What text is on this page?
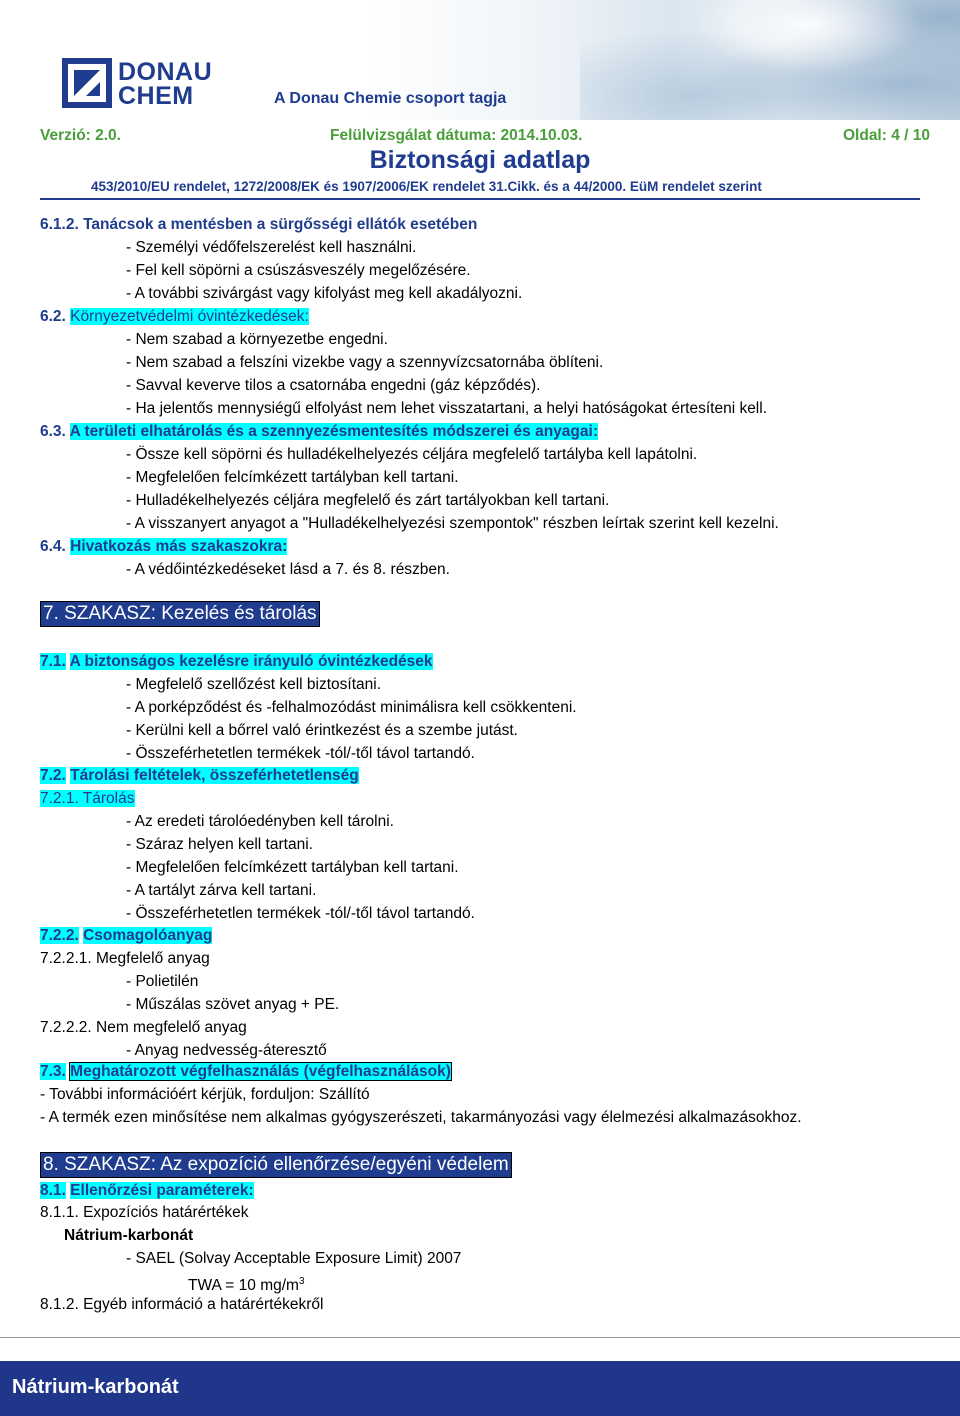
DONAU
CHEM	A Donau Chemie csoport tagja
Verzió: 2.0.	Felülvizsgálat dátuma: 2014.10.03.	Oldal: 4 / 10
Biztonsági adatlap
453/2010/EU rendelet, 1272/2008/EK és 1907/2006/EK rendelet 31.Cikk. és a 44/2000. EüM rendelet szerint
6.1.2. Tanácsok a mentésben a sürgősségi ellátók esetében
- Személyi védőfelszerelést kell használni.
- Fel kell söpörni a csúszásveszély megelőzésére.
- A további szivárgást vagy kifolyást meg kell akadályozni.
6.2. Környezetvédelmi óvintézkedések:
- Nem szabad a környezetbe engedni.
- Nem szabad a felszíni vizekbe vagy a szennyvízcsatornába öblíteni.
- Savval keverve tilos a csatornába engedni (gáz képződés).
- Ha jelentős mennysiégű elfolyást nem lehet visszatartani, a helyi hatóságokat értesíteni kell.
6.3. A területi elhatárolás és a szennyezésmentesítés módszerei és anyagai:
- Össze kell söpörni és hulladékelhelyezés céljára megfelelő tartályba kell lapátolni.
- Megfelelően felcímkézett tartályban kell tartani.
- Hulladékelhelyezés céljára megfelelő és zárt tartályokban kell tartani.
- A visszanyert anyagot a "Hulladékelhelyezési szempontok" részben leírtak szerint kell kezelni.
6.4. Hivatkozás más szakaszokra:
- A védőintézkedéseket lásd a 7. és 8. részben.
7. SZAKASZ: Kezelés és tárolás
7.1. A biztonságos kezelésre irányuló óvintézkedések
- Megfelelő szellőzést kell biztosítani.
- A porképződést és -felhalmozódást minimálisra kell csökkenteni.
- Kerülni kell a bőrrel való érintkezést és a szembe jutást.
- Összeférhetetlen termékek -tól/-től távol tartandó.
7.2. Tárolási feltételek, összeférhetetlenség
7.2.1. Tárolás
- Az eredeti tárolóedényben kell tárolni.
- Száraz helyen kell tartani.
- Megfelelően felcímkézett tartályban kell tartani.
- A tartályt zárva kell tartani.
- Összeférhetetlen termékek -tól/-től távol tartandó.
7.2.2. Csomagolóanyag
7.2.2.1. Megfelelő anyag
- Polietilén
- Műszálas szövet anyag + PE.
7.2.2.2. Nem megfelelő anyag
- Anyag nedvesség-áteresztő
7.3. Meghatározott végfelhasználás (végfelhasználások)
- További információért kérjük, forduljon: Szállító
- A termék ezen minősítése nem alkalmas gyógyszerészeti, takarmányozási vagy élelmezési alkalmazásokhoz.
8. SZAKASZ: Az expozíció ellenőrzése/egyéni védelem
8.1. Ellenőrzési paraméterek:
8.1.1. Expozíciós határértékek
Nátrium-karbonát
- SAEL (Solvay Acceptable Exposure Limit) 2007
TWA = 10 $mg/m^3$
8.1.2. Egyéb információ a határértékekről
Nátrium-karbonát
